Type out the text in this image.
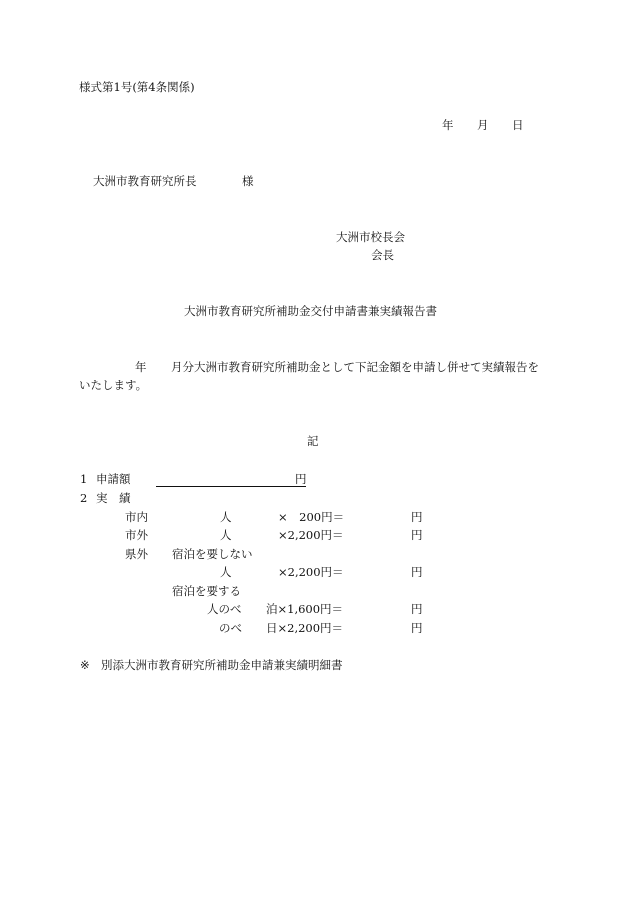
様式第1号(第4条関係)
年 月 日
大洲市教育研究所長	様
大洲市校長会
会長
大洲市教育研究所補助金交付申請書兼実績報告書
年 月分大洲市教育研究所補助金として下記金額を申請し併せて実績報告を
いたします。
記
1 申請額	円
2 実　績
市内	人	×　200円＝	円
市外	人	×2,200円＝	円
県外 宿泊を要しない
人	×2,200円＝	円
宿泊を要する
人のべ 泊×1,600円＝	円
のべ 日×2,200円＝	円
※ 別添大洲市教育研究所補助金申請兼実績明細書
